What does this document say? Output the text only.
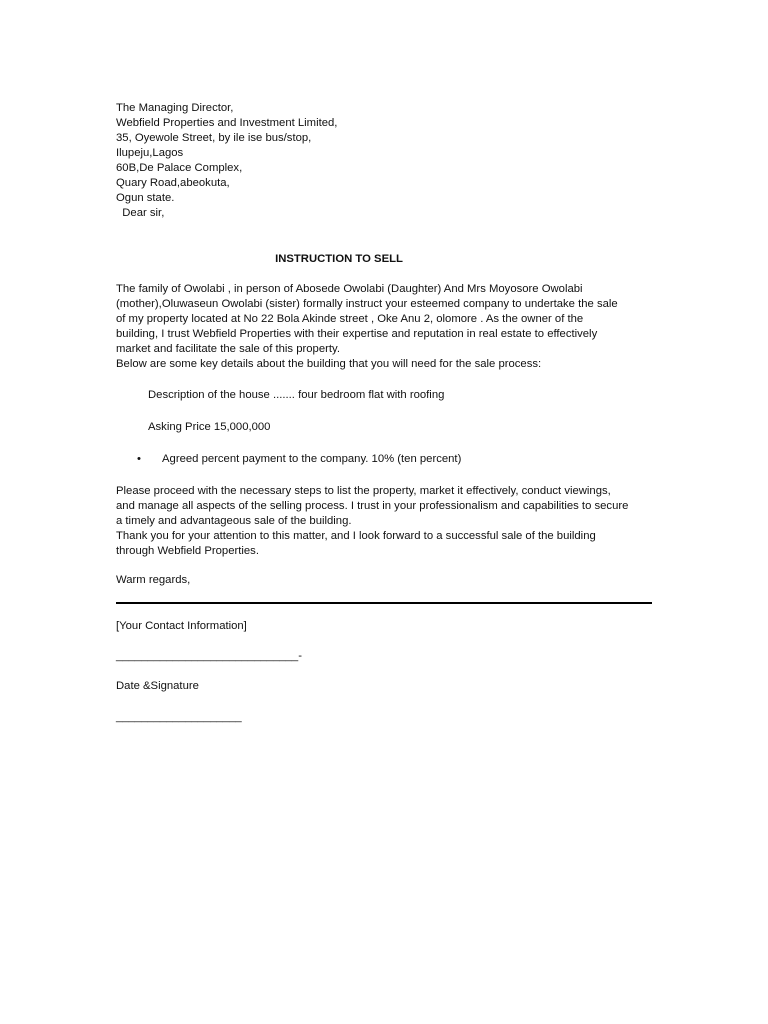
The Managing Director,
Webfield Properties and Investment Limited,
35, Oyewole Street, by ile ise bus/stop,
Ilupeju,Lagos
60B,De Palace Complex,
Quary Road,abeokuta,
Ogun state.
Dear sir,
INSTRUCTION TO SELL
The family of Owolabi , in person of Abosede Owolabi (Daughter) And Mrs Moyosore Owolabi
(mother),Oluwaseun Owolabi (sister) formally instruct your esteemed company to undertake the sale
of my property located at No 22 Bola Akinde street , Oke Anu 2, olomore . As the owner of the
building, I trust Webfield Properties with their expertise and reputation in real estate to effectively
market and facilitate the sale of this property.
Below are some key details about the building that you will need for the sale process:
Description of the house ....... four bedroom flat with roofing
Asking Price 15,000,000
• Agreed percent payment to the company. 10% (ten percent)
Please proceed with the necessary steps to list the property, market it effectively, conduct viewings,
and manage all aspects of the selling process. I trust in your professionalism and capabilities to secure
a timely and advantageous sale of the building.
Thank you for your attention to this matter, and I look forward to a successful sale of the building
through Webfield Properties.
Warm regards,
[Your Contact Information]
_____________________________-
Date &Signature
____________________
